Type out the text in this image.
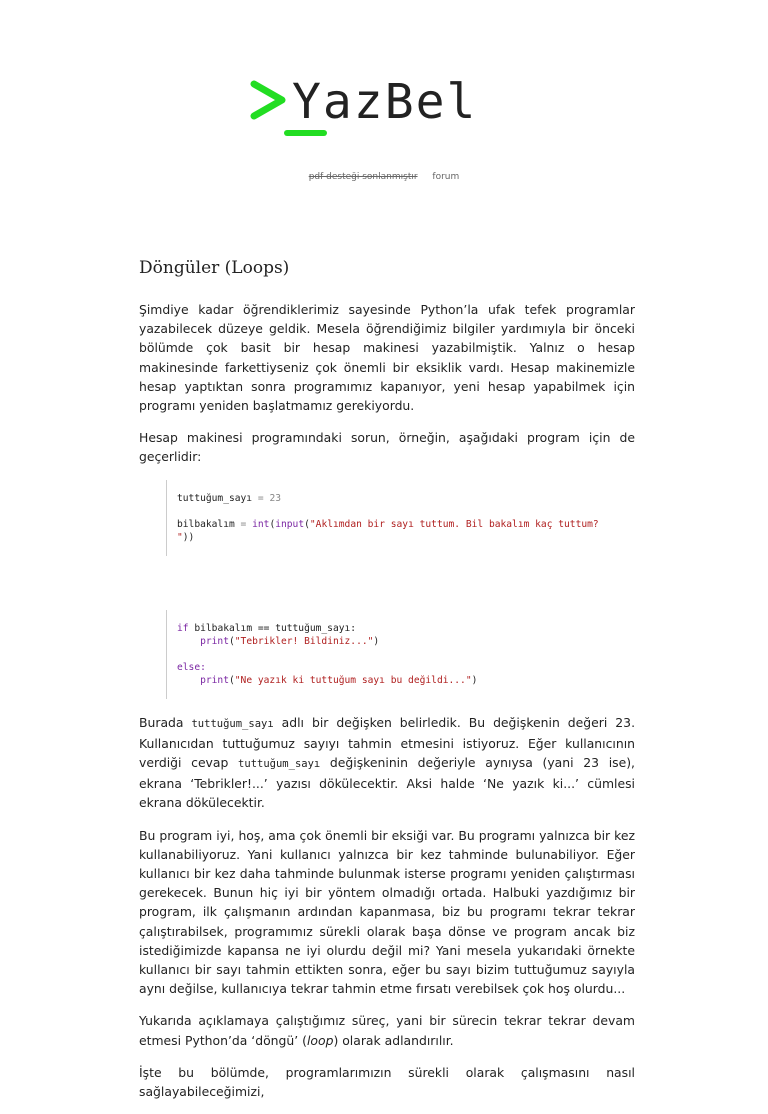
YazBel
pdf desteği sonlanmıştır forum
Döngüler (Loops)

Şimdiye kadar öğrendiklerimiz sayesinde Python’la ufak tefek programlar yazabilecek düzeye geldik. Mesela öğrendiğimiz bilgiler yardımıyla bir önceki bölümde çok basit bir hesap makinesi yazabilmiştik. Yalnız o hesap makinesinde farkettiyseniz çok önemli bir eksiklik vardı. Hesap makinemizle hesap yaptıktan sonra programımız kapanıyor, yeni hesap yapabilmek için programı yeniden başlatmamız gerekiyordu.

Hesap makinesi programındaki sorun, örneğin, aşağıdaki program için de geçerlidir:

tuttuğum_sayı = 23

bilbakalım = int(input("Aklımdan bir sayı tuttum. Bil bakalım kaç tuttum?
"))
if bilbakalım == tuttuğum_sayı:
print("Tebrikler! Bildiniz...")

else:
print("Ne yazık ki tuttuğum sayı bu değildi...")

Burada tuttuğum_sayı adlı bir değişken belirledik. Bu değişkenin değeri 23. Kullanıcıdan tuttuğumuz sayıyı tahmin etmesini istiyoruz. Eğer kullanıcının verdiği cevap tuttuğum_sayı değişkeninin değeriyle aynıysa (yani 23 ise), ekrana ‘Tebrikler!...’ yazısı dökülecektir. Aksi halde ‘Ne yazık ki...’ cümlesi ekrana dökülecektir.

Bu program iyi, hoş, ama çok önemli bir eksiği var. Bu programı yalnızca bir kez kullanabiliyoruz. Yani kullanıcı yalnızca bir kez tahminde bulunabiliyor. Eğer kullanıcı bir kez daha tahminde bulunmak isterse programı yeniden çalıştırması gerekecek. Bunun hiç iyi bir yöntem olmadığı ortada. Halbuki yazdığımız bir program, ilk çalışmanın ardından kapanmasa, biz bu programı tekrar tekrar çalıştırabilsek, programımız sürekli olarak başa dönse ve program ancak biz istediğimizde kapansa ne iyi olurdu değil mi? Yani mesela yukarıdaki örnekte kullanıcı bir sayı tahmin ettikten sonra, eğer bu sayı bizim tuttuğumuz sayıyla aynı değilse, kullanıcıya tekrar tahmin etme fırsatı verebilsek çok hoş olurdu...

Yukarıda açıklamaya çalıştığımız süreç, yani bir sürecin tekrar tekrar devam etmesi Python’da ‘döngü’ (loop) olarak adlandırılır.

İşte bu bölümde, programlarımızın sürekli olarak çalışmasını nasıl sağlayabileceğimizi,
